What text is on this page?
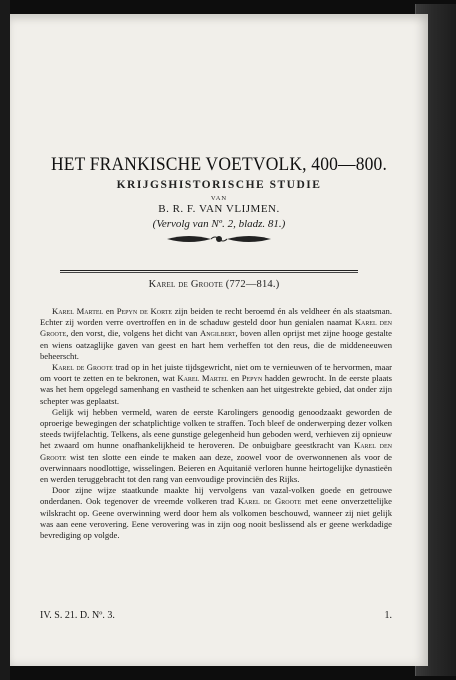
HET FRANKISCHE VOETVOLK, 400—800.

KRIJGSHISTORISCHE STUDIE

VAN

B. R. F. VAN VLIJMEN.

(Vervolg van Nº. 2, bladz. 81.)

Karel de Groote (772—814.)

Karel Martel en Pepyn de Korte zijn beiden te recht beroemd én als veldheer én als staatsman. Echter zij worden verre overtroffen en in de schaduw gesteld door hun genialen naamat Karel den Groote, den vorst, die, volgens het dicht van Angilbert, boven allen oprijst met zijne hooge gestalte en wiens oatzaglijke gaven van geest en hart hem verheffen tot den reus, die de middeneeuwen beheerscht.

Karel de Groote trad op in het juiste tijdsgewricht, niet om te vernieuwen of te hervormen, maar om voort te zetten en te bekronen, wat Karel Martel en Pepyn hadden gewrocht. In de eerste plaats was het hem opgelegd samenhang en vastheid te schenken aan het uitgestrekte gebied, dat onder zijn schepter was geplaatst.

Gelijk wij hebben vermeld, waren de eerste Karolingers genoodig genoodzaakt geworden de oproerige bewegingen der schatplichtige volken te straffen. Toch bleef de onderwerping dezer volken steeds twijfelachtig. Telkens, als eene gunstige gelegenheid hun geboden werd, verhieven zij opnieuw het zwaard om hunne onafhankelijkheid te heroveren. De onbuigbare geestkracht van Karel den Groote wist ten slotte een einde te maken aan deze, zoowel voor de overwonnenen als voor de overwinnaars noodlottige, wisselingen. Beieren en Aquitanië verloren hunne heirtogelijke dynastieën en werden teruggebracht tot den rang van eenvoudige provinciën des Rijks.

Door zijne wijze staatkunde maakte hij vervolgens van vazal-volken goede en getrouwe onderdanen. Ook tegenover de vreemde volkeren trad Karel de Groote met eene onverzettelijke wilskracht op. Geene overwinning werd door hem als volkomen beschouwd, wanneer zij niet gelijk was aan eene verovering. Eene verovering was in zijn oog nooit beslissend als er geene werkdadige bevrediging op volgde.

IV. S. 21. D. Nº. 3.	1.
